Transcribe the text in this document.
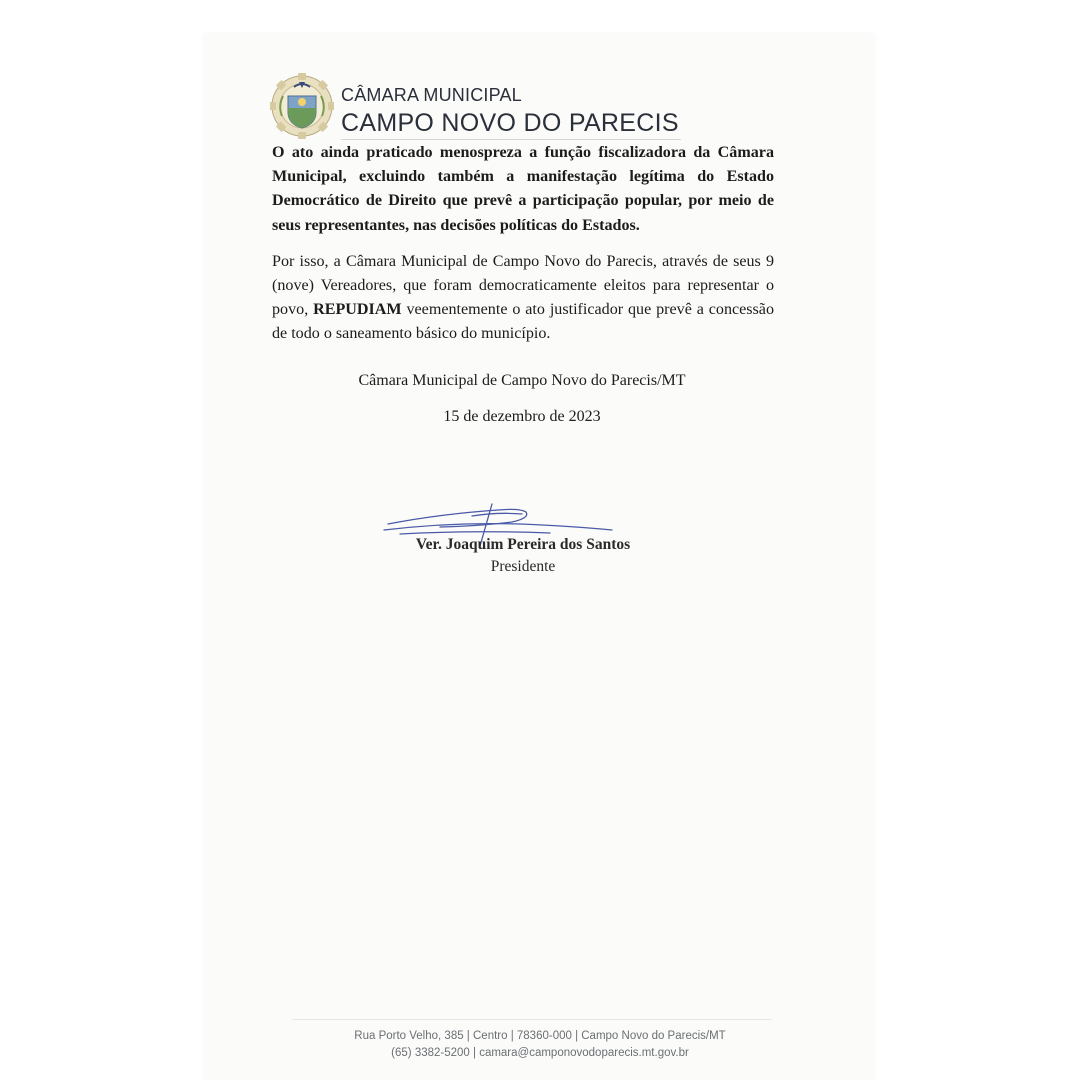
CÂMARA MUNICIPAL

CAMPO NOVO DO PARECIS

O ato ainda praticado menospreza a função fiscalizadora da Câmara Municipal, excluindo também a manifestação legítima do Estado Democrático de Direito que prevê a participação popular, por meio de seus representantes, nas decisões políticas do Estados.

Por isso, a Câmara Municipal de Campo Novo do Parecis, através de seus 9 (nove) Vereadores, que foram democraticamente eleitos para representar o povo, REPUDIAM veementemente o ato justificador que prevê a concessão de todo o saneamento básico do município.

Câmara Municipal de Campo Novo do Parecis/MT

15 de dezembro de 2023

Ver. Joaquim Pereira dos Santos

Presidente

Rua Porto Velho, 385 | Centro | 78360-000 | Campo Novo do Parecis/MT

(65) 3382-5200 | camara@camponovodoparecis.mt.gov.br
